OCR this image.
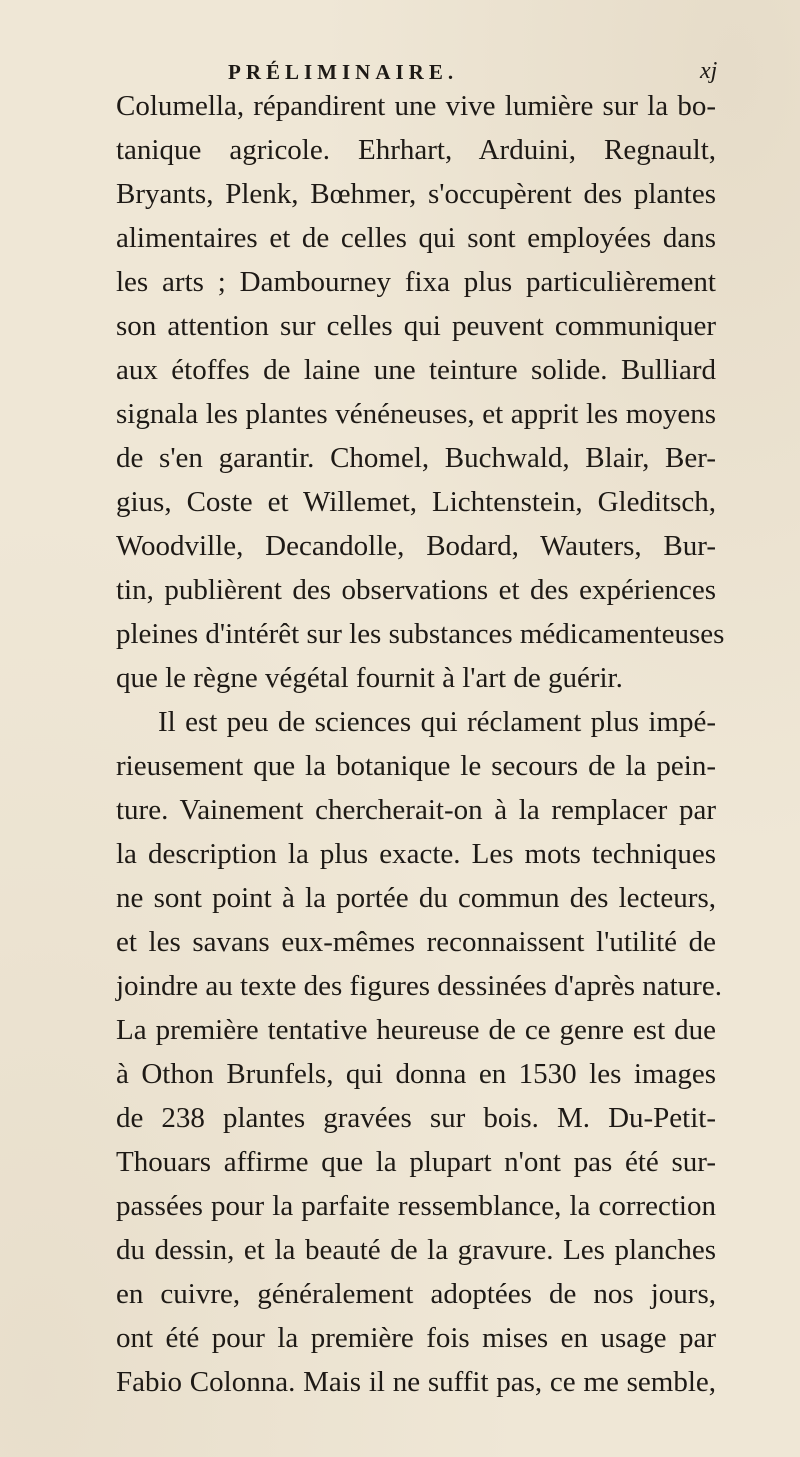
PRÉLIMINAIRE.	xj
Columella, répandirent une vive lumière sur la bo-
tanique agricole. Ehrhart, Arduini, Regnault,
Bryants, Plenk, Bœhmer, s'occupèrent des plantes
alimentaires et de celles qui sont employées dans
les arts ; Dambourney fixa plus particulièrement
son attention sur celles qui peuvent communiquer
aux étoffes de laine une teinture solide. Bulliard
signala les plantes vénéneuses, et apprit les moyens
de s'en garantir. Chomel, Buchwald, Blair, Ber-
gius, Coste et Willemet, Lichtenstein, Gleditsch,
Woodville, Decandolle, Bodard, Wauters, Bur-
tin, publièrent des observations et des expériences
pleines d'intérêt sur les substances médicamenteuses
que le règne végétal fournit à l'art de guérir.
Il est peu de sciences qui réclament plus impé-
rieusement que la botanique le secours de la pein-
ture. Vainement chercherait-on à la remplacer par
la description la plus exacte. Les mots techniques
ne sont point à la portée du commun des lecteurs,
et les savans eux-mêmes reconnaissent l'utilité de
joindre au texte des figures dessinées d'après nature.
La première tentative heureuse de ce genre est due
à Othon Brunfels, qui donna en 1530 les images
de 238 plantes gravées sur bois. M. Du-Petit-
Thouars affirme que la plupart n'ont pas été sur-
passées pour la parfaite ressemblance, la correction
du dessin, et la beauté de la gravure. Les planches
en cuivre, généralement adoptées de nos jours,
ont été pour la première fois mises en usage par
Fabio Colonna. Mais il ne suffit pas, ce me semble,
